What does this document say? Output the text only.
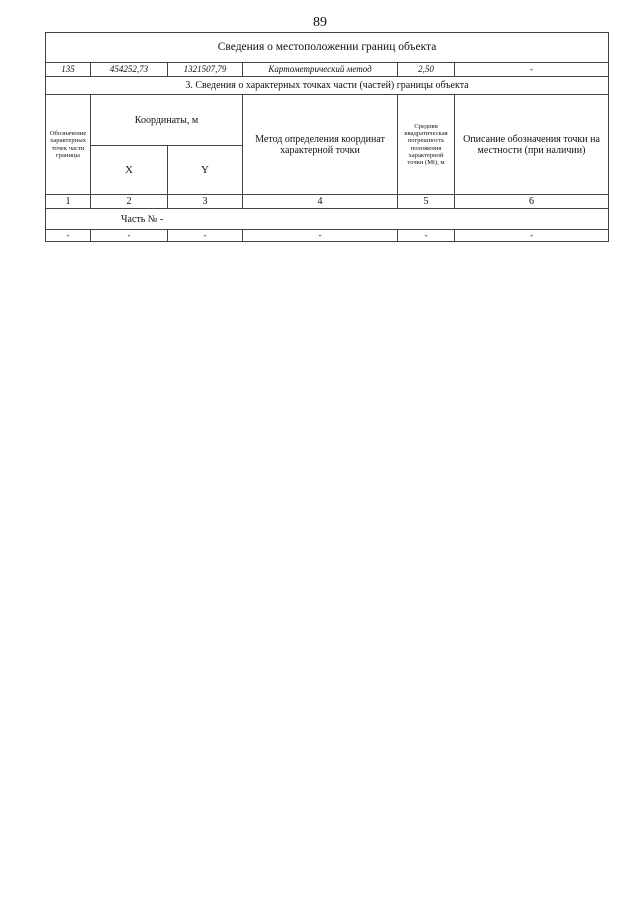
89
Сведения о местоположении границ объекта					
135	454252,73	1321507,79	Картометрический метод	2,50	-
3. Сведения о характерных точках части (частей) границы объекта					
Обозначение характерных точек части границы	Координаты, м		Метод определения координат характерной точки	Средняя квадратическая погрешность положения характерной точки (Mt), м	Описание обозначения точки на местности (при наличии)
	X	Y			
1	2	3	4	5	6
Часть № -					
-	-	-	-	-	-
